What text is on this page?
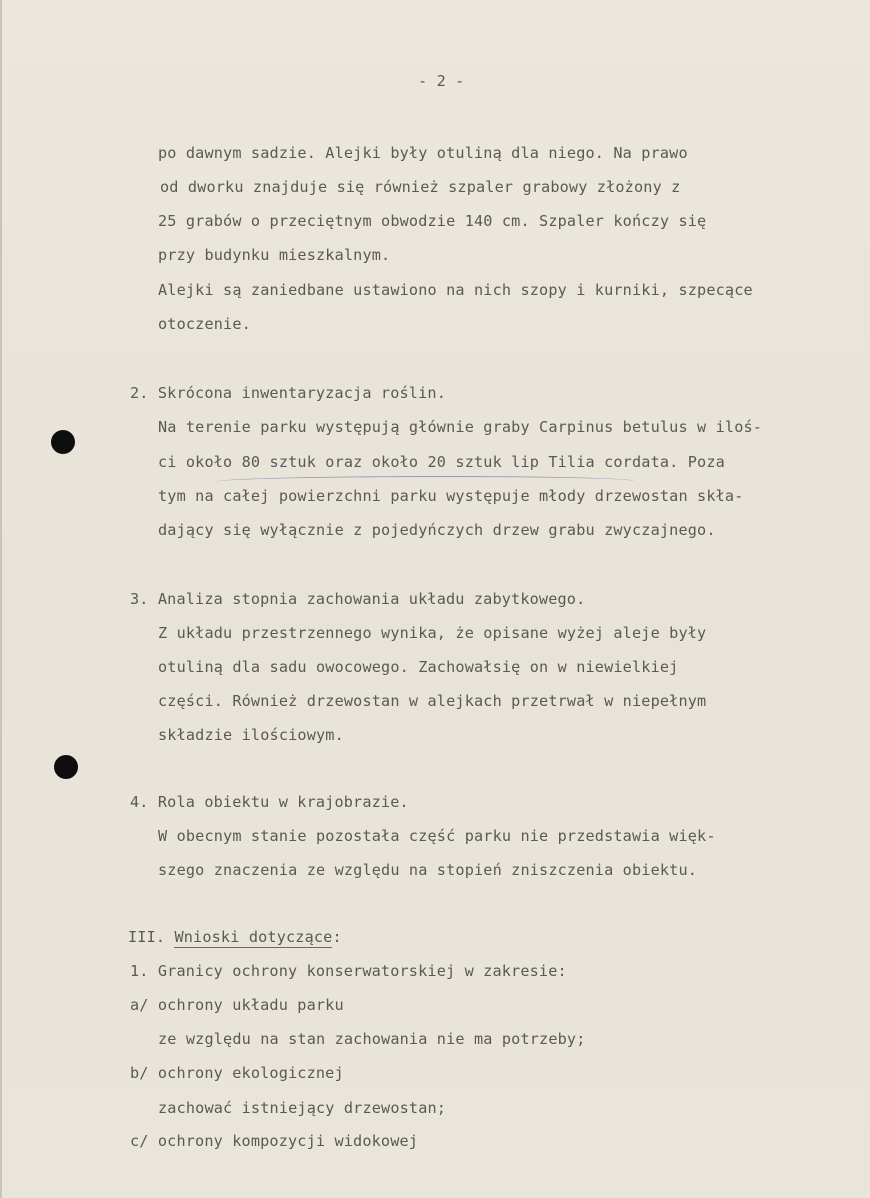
- 2 -
po dawnym sadzie. Alejki były otuliną dla niego. Na prawo
od dworku znajduje się również szpaler grabowy złożony z
25 grabów o przeciętnym obwodzie 140 cm. Szpaler kończy się
przy budynku mieszkalnym.
Alejki są zaniedbane ustawiono na nich szopy i kurniki, szpecące
otoczenie.
2. Skrócona inwentaryzacja roślin.
Na terenie parku występują głównie graby Carpinus betulus w iloś-
ci około 80 sztuk oraz około 20 sztuk lip Tilia cordata. Poza
tym na całej powierzchni parku występuje młody drzewostan skła-
dający się wyłącznie z pojedyńczych drzew grabu zwyczajnego.
3. Analiza stopnia zachowania układu zabytkowego.
Z układu przestrzennego wynika, że opisane wyżej aleje były
otuliną dla sadu owocowego. Zachowałsię on w niewielkiej
części. Również drzewostan w alejkach przetrwał w niepełnym
składzie ilościowym.
4. Rola obiektu w krajobrazie.
W obecnym stanie pozostała część parku nie przedstawia więk-
szego znaczenia ze względu na stopień zniszczenia obiektu.
III. Wnioski dotyczące:
1. Granicy ochrony konserwatorskiej w zakresie:
a/ ochrony układu parku
ze względu na stan zachowania nie ma potrzeby;
b/ ochrony ekologicznej
zachować istniejący drzewostan;
c/ ochrony kompozycji widokowej
